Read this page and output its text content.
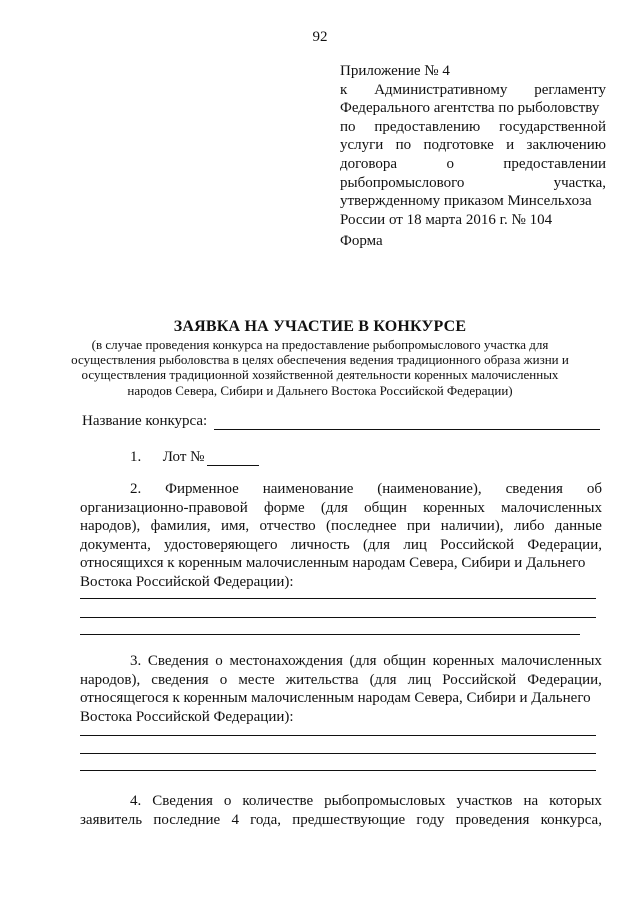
92
Приложение № 4
к Административному регламенту
Федерального агентства по рыболовству
по предоставлению государственной
услуги по подготовке и заключению
договора	о	предоставлении
рыбопромыслового	участка,
утвержденному приказом Минсельхоза
России от 18 марта 2016 г. № 104
Форма
ЗАЯВКА НА УЧАСТИЕ В КОНКУРСЕ
(в случае проведения конкурса на предоставление рыбопромыслового участка для
осуществления рыболовства в целях обеспечения ведения традиционного образа жизни и
осуществления традиционной хозяйственной деятельности коренных малочисленных
народов Севера, Сибири и Дальнего Востока Российской Федерации)
Название конкурса:
1. Лот №
2. Фирменное наименование (наименование), сведения об
организационно-правовой форме (для общин коренных малочисленных
народов), фамилия, имя, отчество (последнее при наличии), либо данные
документа, удостоверяющего личность (для лиц Российской Федерации,
относящихся к коренным малочисленным народам Севера, Сибири и Дальнего
Востока Российской Федерации):
3. Сведения о местонахождения (для общин коренных малочисленных
народов), сведения о месте жительства (для лиц Российской Федерации,
относящегося к коренным малочисленным народам Севера, Сибири и Дальнего
Востока Российской Федерации):
4. Сведения о количестве рыбопромысловых участков на которых
заявитель последние 4 года, предшествующие году проведения конкурса,
